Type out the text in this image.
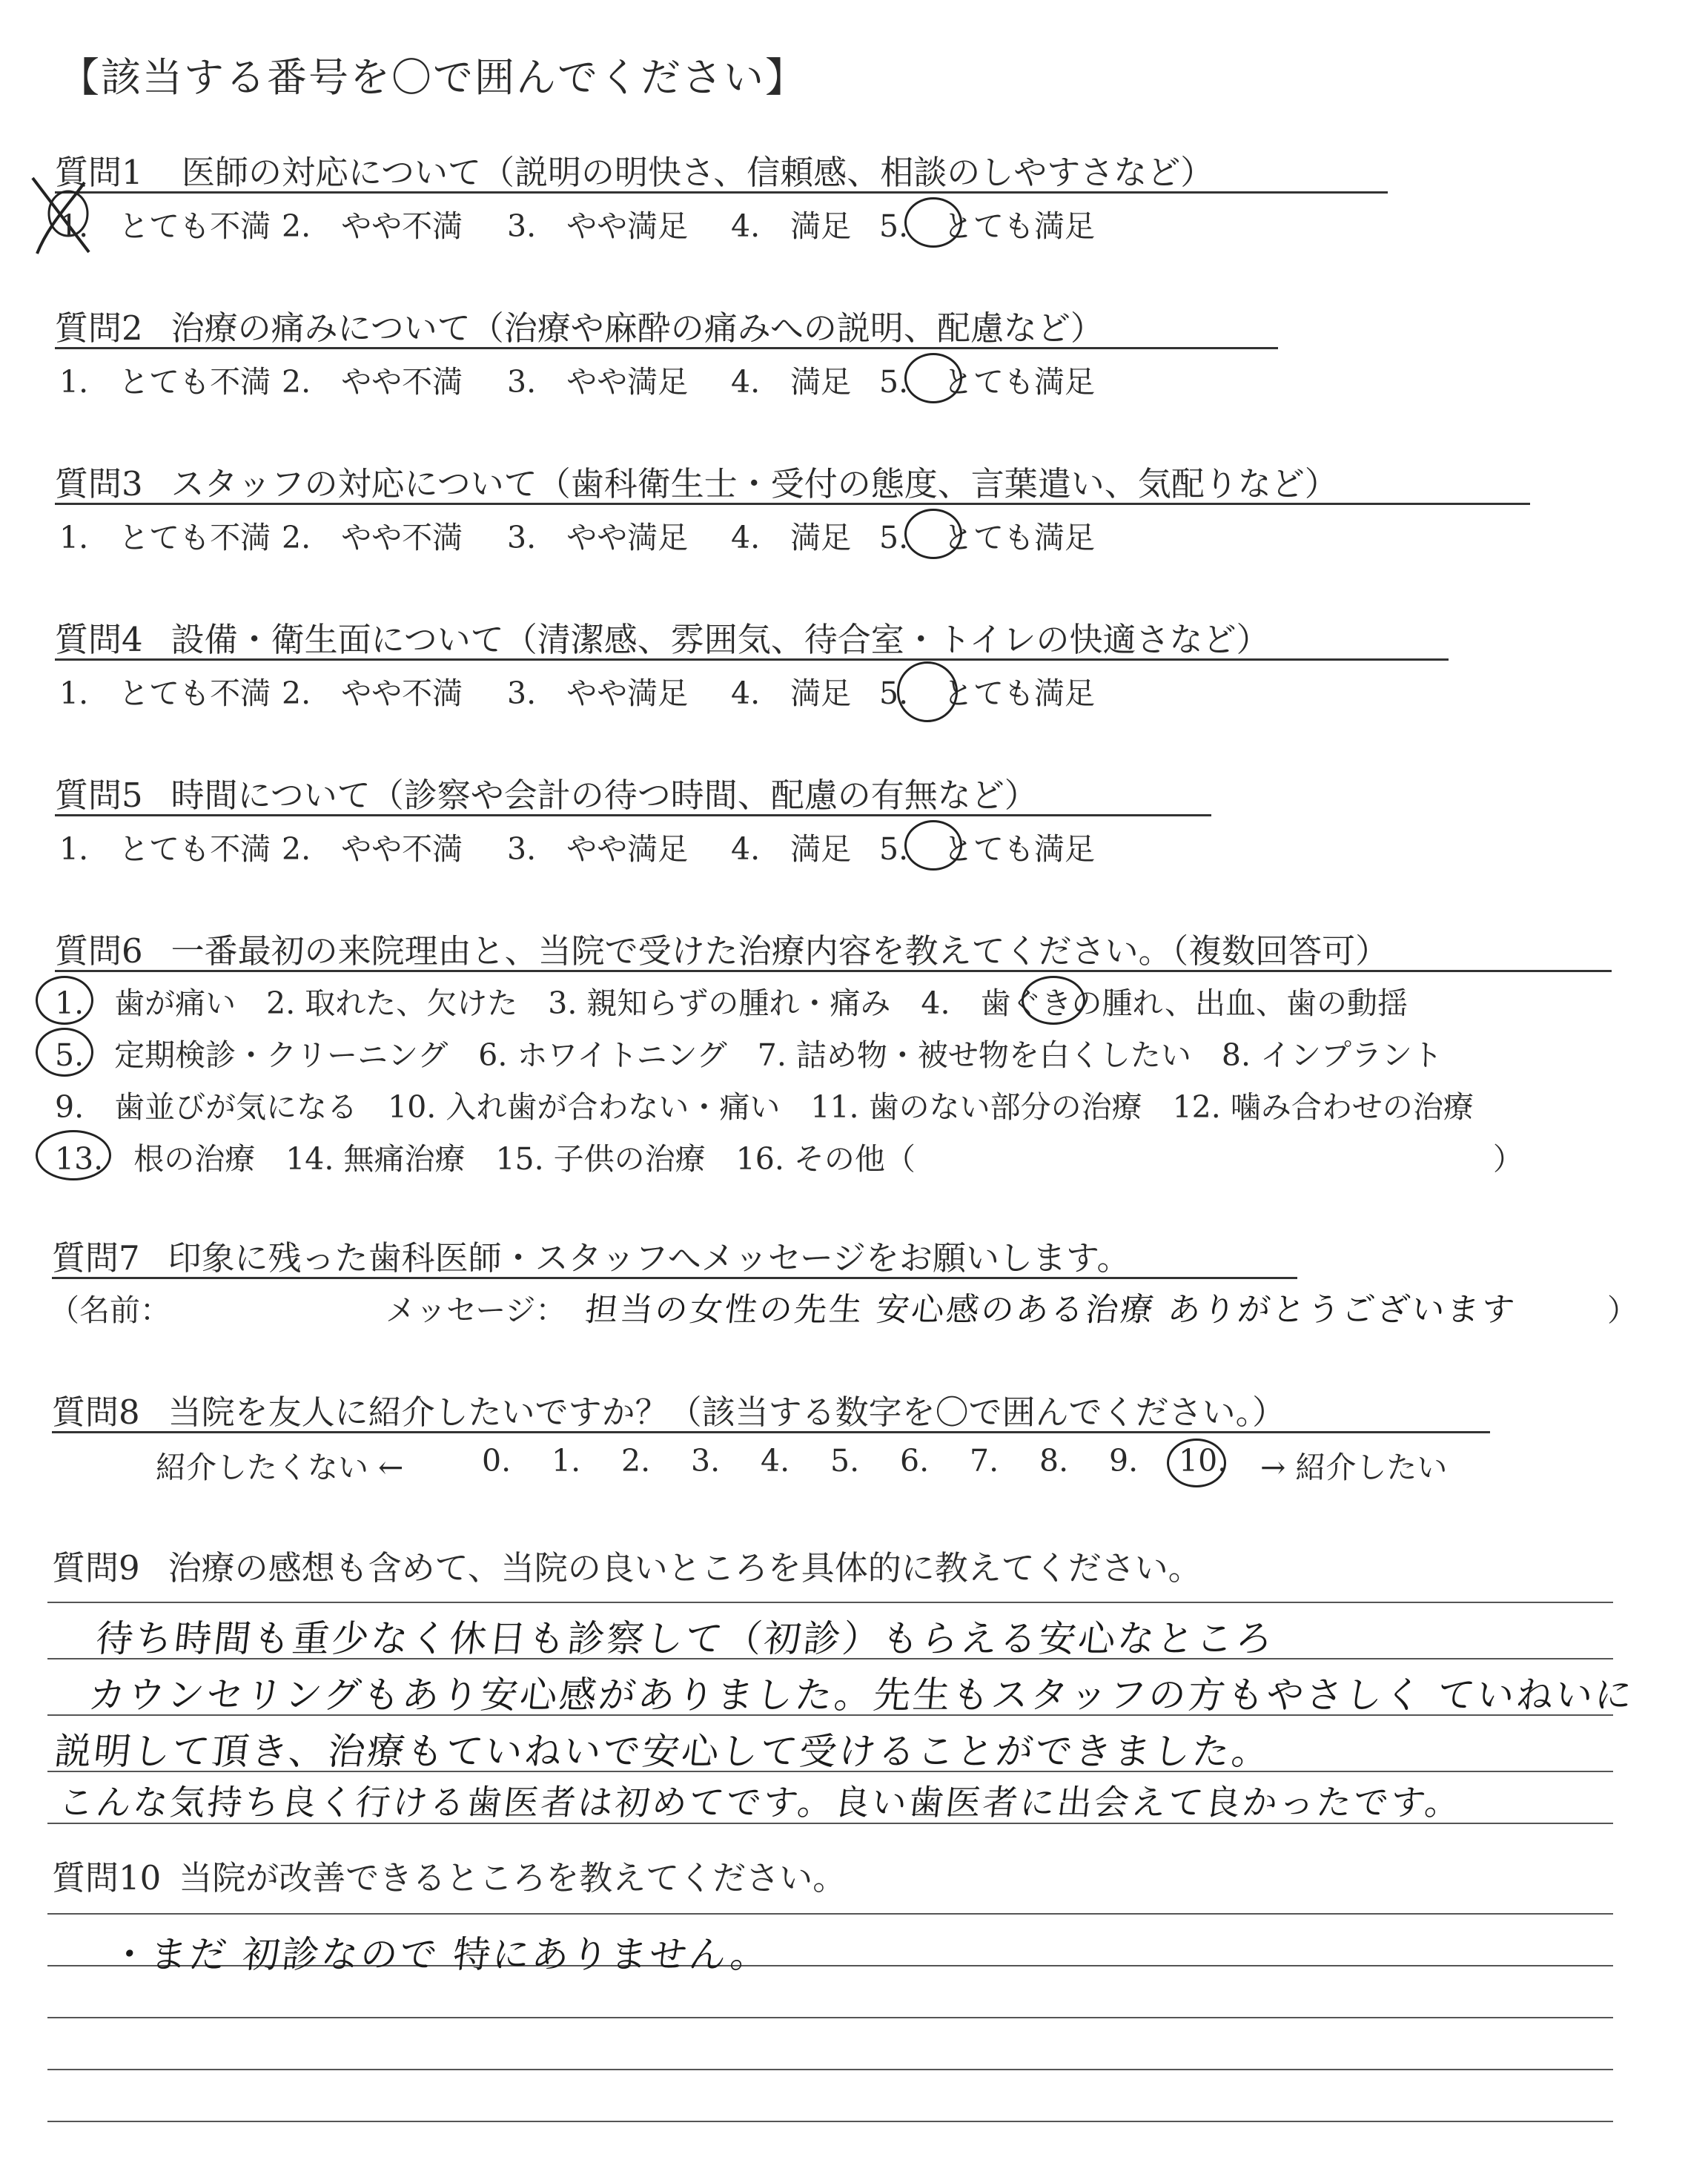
【該当する番号を〇で囲んでください】
質問1 医師の対応について（説明の明快さ、信頼感、相談のしやすさなど）
1.　とても不満 2.　やや不満 3.　やや満足 4.　満足 5. とても満足
質問2 治療の痛みについて（治療や麻酔の痛みへの説明、配慮など）
1.　とても不満 2.　やや不満 3.　やや満足 4.　満足 5. とても満足
質問3 スタッフの対応について（歯科衛生士・受付の態度、言葉遣い、気配りなど）
1.　とても不満 2.　やや不満 3.　やや満足 4.　満足 5. とても満足
質問4 設備・衛生面について（清潔感、雰囲気、待合室・トイレの快適さなど）
1.　とても不満 2.　やや不満 3.　やや満足 4.　満足 5. とても満足
質問5 時間について（診察や会計の待つ時間、配慮の有無など）
1.　とても不満 2.　やや不満 3.　やや満足 4.　満足 5. とても満足
質問6 一番最初の来院理由と、当院で受けた治療内容を教えてください。（複数回答可）
1.　歯が痛い　2. 取れた、欠けた　3. 親知らずの腫れ・痛み　4.　歯ぐきの腫れ、出血、歯の動揺
5.　定期検診・クリーニング　6. ホワイトニング　7. 詰め物・被せ物を白くしたい　8. インプラント
9.　歯並びが気になる　10. 入れ歯が合わない・痛い　11. 歯のない部分の治療　12. 噛み合わせの治療
13.　根の治療　14. 無痛治療　15. 子供の治療　16. その他（　　　　　　　　　　　　　　　　　　　）
質問7 印象に残った歯科医師・スタッフへメッセージをお願いします。
（名前：	メッセージ： 担当の女性の先生 安心感のある治療 ありがとうございます	）
質問8 当院を友人に紹介したいですか？（該当する数字を〇で囲んでください。）
紹介したくない ←	0. 1. 2. 3. 4. 5. 6. 7. 8. 9. 10.	→ 紹介したい
質問9 治療の感想も含めて、当院の良いところを具体的に教えてください。
待ち時間も重少なく休日も診察して（初診）もらえる安心なところ
カウンセリングもあり安心感がありました。先生もスタッフの方もやさしく ていねいに
説明して頂き、治療もていねいで安心して受けることができました。
こんな気持ち良く行ける歯医者は初めてです。良い歯医者に出会えて良かったです。
質問10 当院が改善できるところを教えてください。
・まだ 初診なので 特にありません。
